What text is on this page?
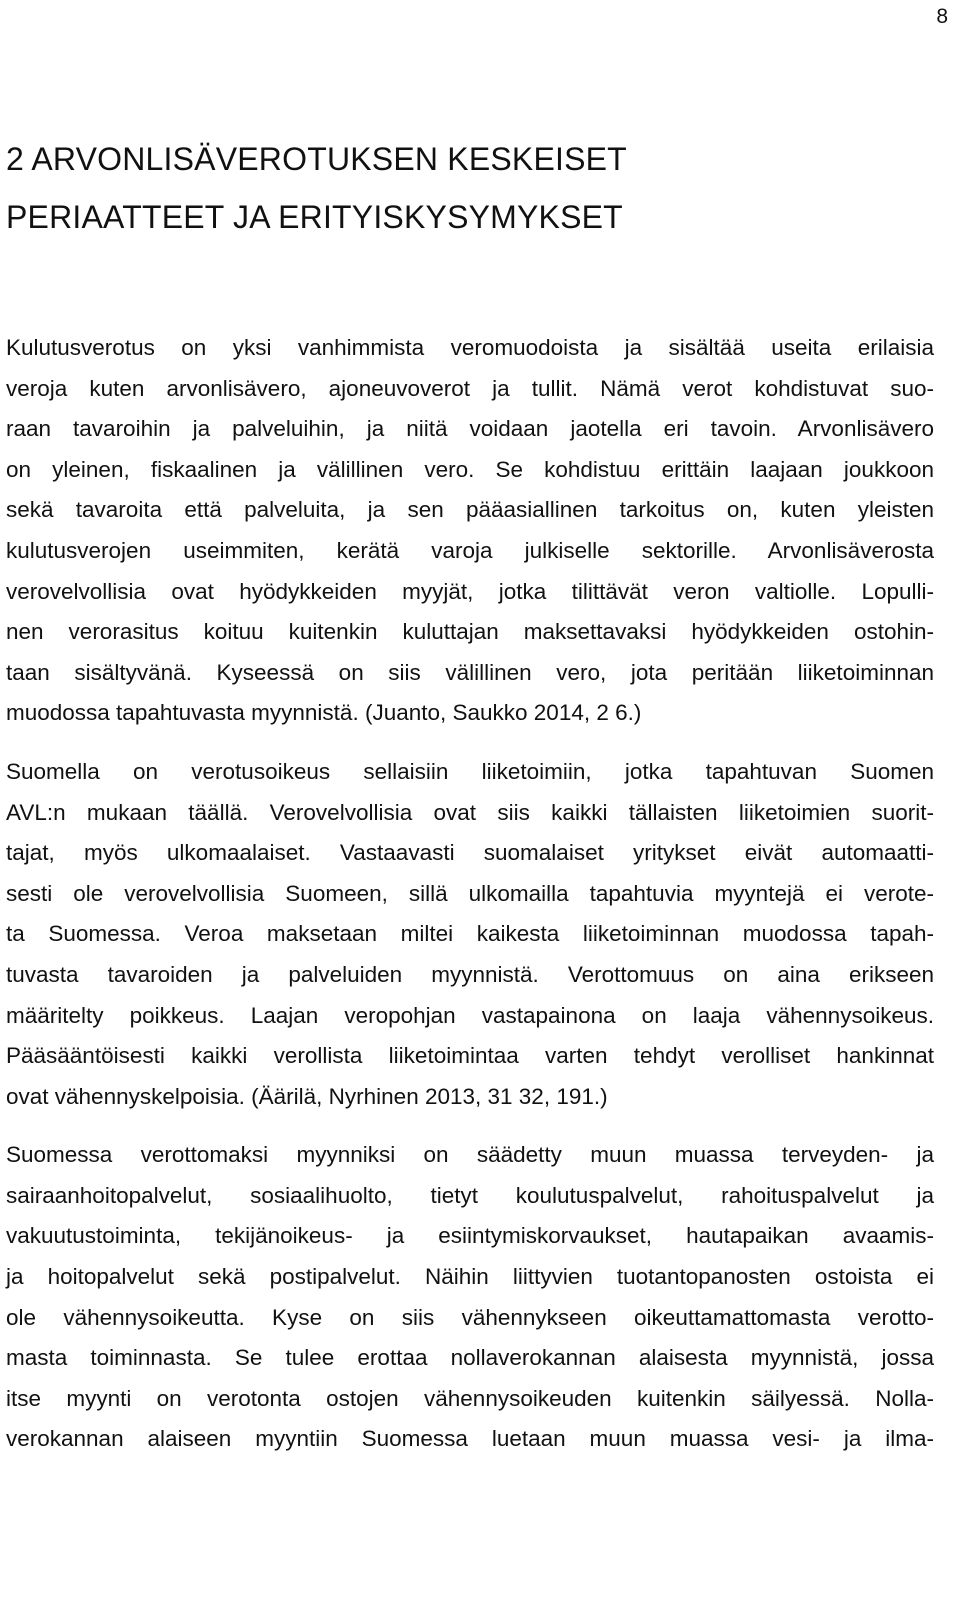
8
2 ARVONLISÄVEROTUKSEN KESKEISET
PERIAATTEET JA ERITYISKYSYMYKSET
Kulutusverotus on yksi vanhimmista veromuodoista ja sisältää useita erilaisia
veroja kuten arvonlisävero, ajoneuvoverot ja tullit. Nämä verot kohdistuvat suo-
raan tavaroihin ja palveluihin, ja niitä voidaan jaotella eri tavoin. Arvonlisävero
on yleinen, fiskaalinen ja välillinen vero. Se kohdistuu erittäin laajaan joukkoon
sekä tavaroita että palveluita, ja sen pääasiallinen tarkoitus on, kuten yleisten
kulutusverojen useimmiten, kerätä varoja julkiselle sektorille. Arvonlisäverosta
verovelvollisia ovat hyödykkeiden myyjät, jotka tilittävät veron valtiolle. Lopulli-
nen verorasitus koituu kuitenkin kuluttajan maksettavaksi hyödykkeiden ostohin-
taan sisältyvänä. Kyseessä on siis välillinen vero, jota peritään liiketoiminnan
muodossa tapahtuvasta myynnistä. (Juanto, Saukko 2014, 2 6.)
Suomella on verotusoikeus sellaisiin liiketoimiin, jotka tapahtuvan Suomen
AVL:n mukaan täällä. Verovelvollisia ovat siis kaikki tällaisten liiketoimien suorit-
tajat, myös ulkomaalaiset. Vastaavasti suomalaiset yritykset eivät automaatti-
sesti ole verovelvollisia Suomeen, sillä ulkomailla tapahtuvia myyntejä ei verote-
ta Suomessa. Veroa maksetaan miltei kaikesta liiketoiminnan muodossa tapah-
tuvasta tavaroiden ja palveluiden myynnistä. Verottomuus on aina erikseen
määritelty poikkeus. Laajan veropohjan vastapainona on laaja vähennysoikeus.
Pääsääntöisesti kaikki verollista liiketoimintaa varten tehdyt verolliset hankinnat
ovat vähennyskelpoisia. (Äärilä, Nyrhinen 2013, 31 32, 191.)
Suomessa verottomaksi myynniksi on säädetty muun muassa terveyden- ja
sairaanhoitopalvelut, sosiaalihuolto, tietyt koulutuspalvelut, rahoituspalvelut ja
vakuutustoiminta, tekijänoikeus- ja esiintymiskorvaukset, hautapaikan avaamis-
ja hoitopalvelut sekä postipalvelut. Näihin liittyvien tuotantopanosten ostoista ei
ole vähennysoikeutta. Kyse on siis vähennykseen oikeuttamattomasta verotto-
masta toiminnasta. Se tulee erottaa nollaverokannan alaisesta myynnistä, jossa
itse myynti on verotonta ostojen vähennysoikeuden kuitenkin säilyessä. Nolla-
verokannan alaiseen myyntiin Suomessa luetaan muun muassa vesi- ja ilma-
